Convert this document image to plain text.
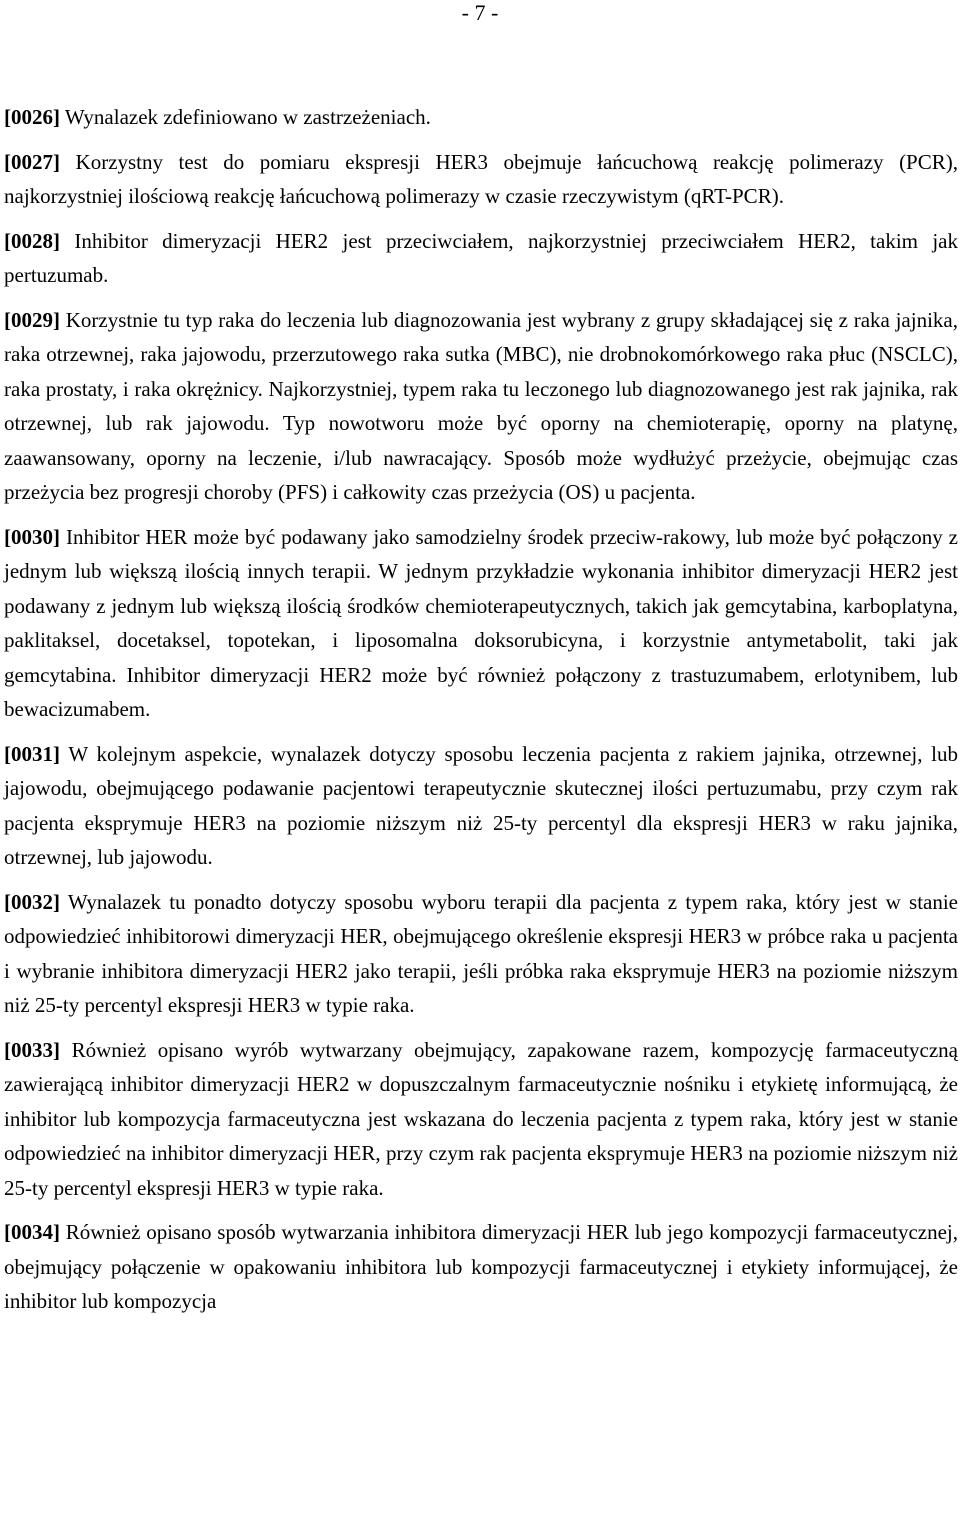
- 7 -

[0026] Wynalazek zdefiniowano w zastrzeżeniach.

[0027] Korzystny test do pomiaru ekspresji HER3 obejmuje łańcuchową reakcję polimerazy (PCR), najkorzystniej ilościową reakcję łańcuchową polimerazy w czasie rzeczywistym (qRT-PCR).

[0028] Inhibitor dimeryzacji HER2 jest przeciwciałem, najkorzystniej przeciwciałem HER2, takim jak pertuzumab.

[0029] Korzystnie tu typ raka do leczenia lub diagnozowania jest wybrany z grupy składającej się z raka jajnika, raka otrzewnej, raka jajowodu, przerzutowego raka sutka (MBC), nie drobnokomórkowego raka płuc (NSCLC), raka prostaty, i raka okrężnicy. Najkorzystniej, typem raka tu leczonego lub diagnozowanego jest rak jajnika, rak otrzewnej, lub rak jajowodu. Typ nowotworu może być oporny na chemioterapię, oporny na platynę, zaawansowany, oporny na leczenie, i/lub nawracający. Sposób może wydłużyć przeżycie, obejmując czas przeżycia bez progresji choroby (PFS) i całkowity czas przeżycia (OS) u pacjenta.

[0030] Inhibitor HER może być podawany jako samodzielny środek przeciw-rakowy, lub może być połączony z jednym lub większą ilością innych terapii. W jednym przykładzie wykonania inhibitor dimeryzacji HER2 jest podawany z jednym lub większą ilością środków chemioterapeutycznych, takich jak gemcytabina, karboplatyna, paklitaksel, docetaksel, topotekan, i liposomalna doksorubicyna, i korzystnie antymetabolit, taki jak gemcytabina. Inhibitor dimeryzacji HER2 może być również połączony z trastuzumabem, erlotynibem, lub bewacizumabem.

[0031] W kolejnym aspekcie, wynalazek dotyczy sposobu leczenia pacjenta z rakiem jajnika, otrzewnej, lub jajowodu, obejmującego podawanie pacjentowi terapeutycznie skutecznej ilości pertuzumabu, przy czym rak pacjenta eksprymuje HER3 na poziomie niższym niż 25-ty percentyl dla ekspresji HER3 w raku jajnika, otrzewnej, lub jajowodu.

[0032] Wynalazek tu ponadto dotyczy sposobu wyboru terapii dla pacjenta z typem raka, który jest w stanie odpowiedzieć inhibitorowi dimeryzacji HER, obejmującego określenie ekspresji HER3 w próbce raka u pacjenta i wybranie inhibitora dimeryzacji HER2 jako terapii, jeśli próbka raka eksprymuje HER3 na poziomie niższym niż 25-ty percentyl ekspresji HER3 w typie raka.

[0033] Również opisano wyrób wytwarzany obejmujący, zapakowane razem, kompozycję farmaceutyczną zawierającą inhibitor dimeryzacji HER2 w dopuszczalnym farmaceutycznie nośniku i etykietę informującą, że inhibitor lub kompozycja farmaceutyczna jest wskazana do leczenia pacjenta z typem raka, który jest w stanie odpowiedzieć na inhibitor dimeryzacji HER, przy czym rak pacjenta eksprymuje HER3 na poziomie niższym niż 25-ty percentyl ekspresji HER3 w typie raka.

[0034] Również opisano sposób wytwarzania inhibitora dimeryzacji HER lub jego kompozycji farmaceutycznej, obejmujący połączenie w opakowaniu inhibitora lub kompozycji farmaceutycznej i etykiety informującej, że inhibitor lub kompozycja
